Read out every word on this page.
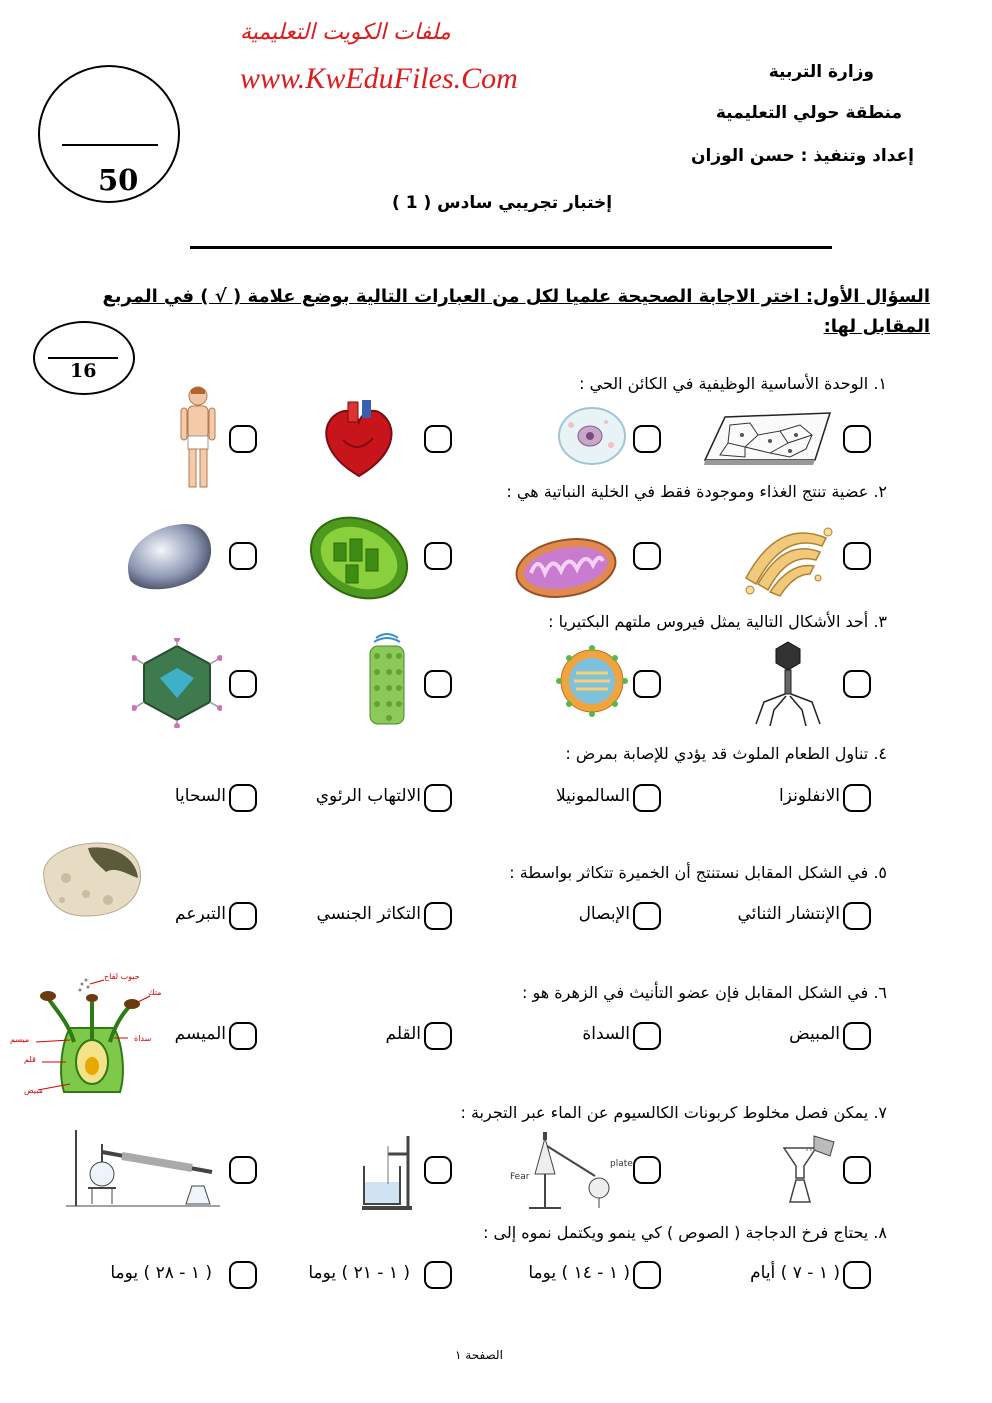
ملفات الكويت التعليمية
www.KwEduFiles.Com	وزارة التربية
منطقة حولي التعليمية
إعداد وتنفيذ : حسن الوزان
50
إختبار تجريبي سادس ( 1 )
السؤال الأول: اختر الاجابة الصحيحة علميا لكل من العبارات التالية بوضع علامة ( √ ) في المربع المقابل لها:
16
١. الوحدة الأساسية الوظيفية في الكائن الحي :
٢. عضية تنتج الغذاء وموجودة فقط في الخلية النباتية هي :
٣. أحد الأشكال التالية يمثل فيروس ملتهم البكتيريا :
٤. تناول الطعام الملوث قد يؤدي للإصابة بمرض :
الانفلونزا
السالمونيلا
الالتهاب الرئوي
السحايا
٥. في الشكل المقابل نستنتج أن الخميرة تتكاثر بواسطة :
الإنتشار الثنائي
الإبصال
التكاثر الجنسي
التبرعم
حبوب لقاح
متك
ميسم	سداة
قلم
مبيض
٦. في الشكل المقابل فإن عضو التأنيث في الزهرة هو :
المبيض
السداة
القلم
الميسم
٧. يمكن فصل مخلوط كربونات الكالسيوم عن الماء عبر التجربة :
Fear
plate
٨. يحتاج فرخ الدجاجة ( الصوص ) كي ينمو ويكتمل نموه إلى :
( ١ - ٧ ) أيام
( ١ - ١٤ ) يوما
( ١ - ٢١ ) يوما
( ١ - ٢٨ ) يوما
الصفحة ١
